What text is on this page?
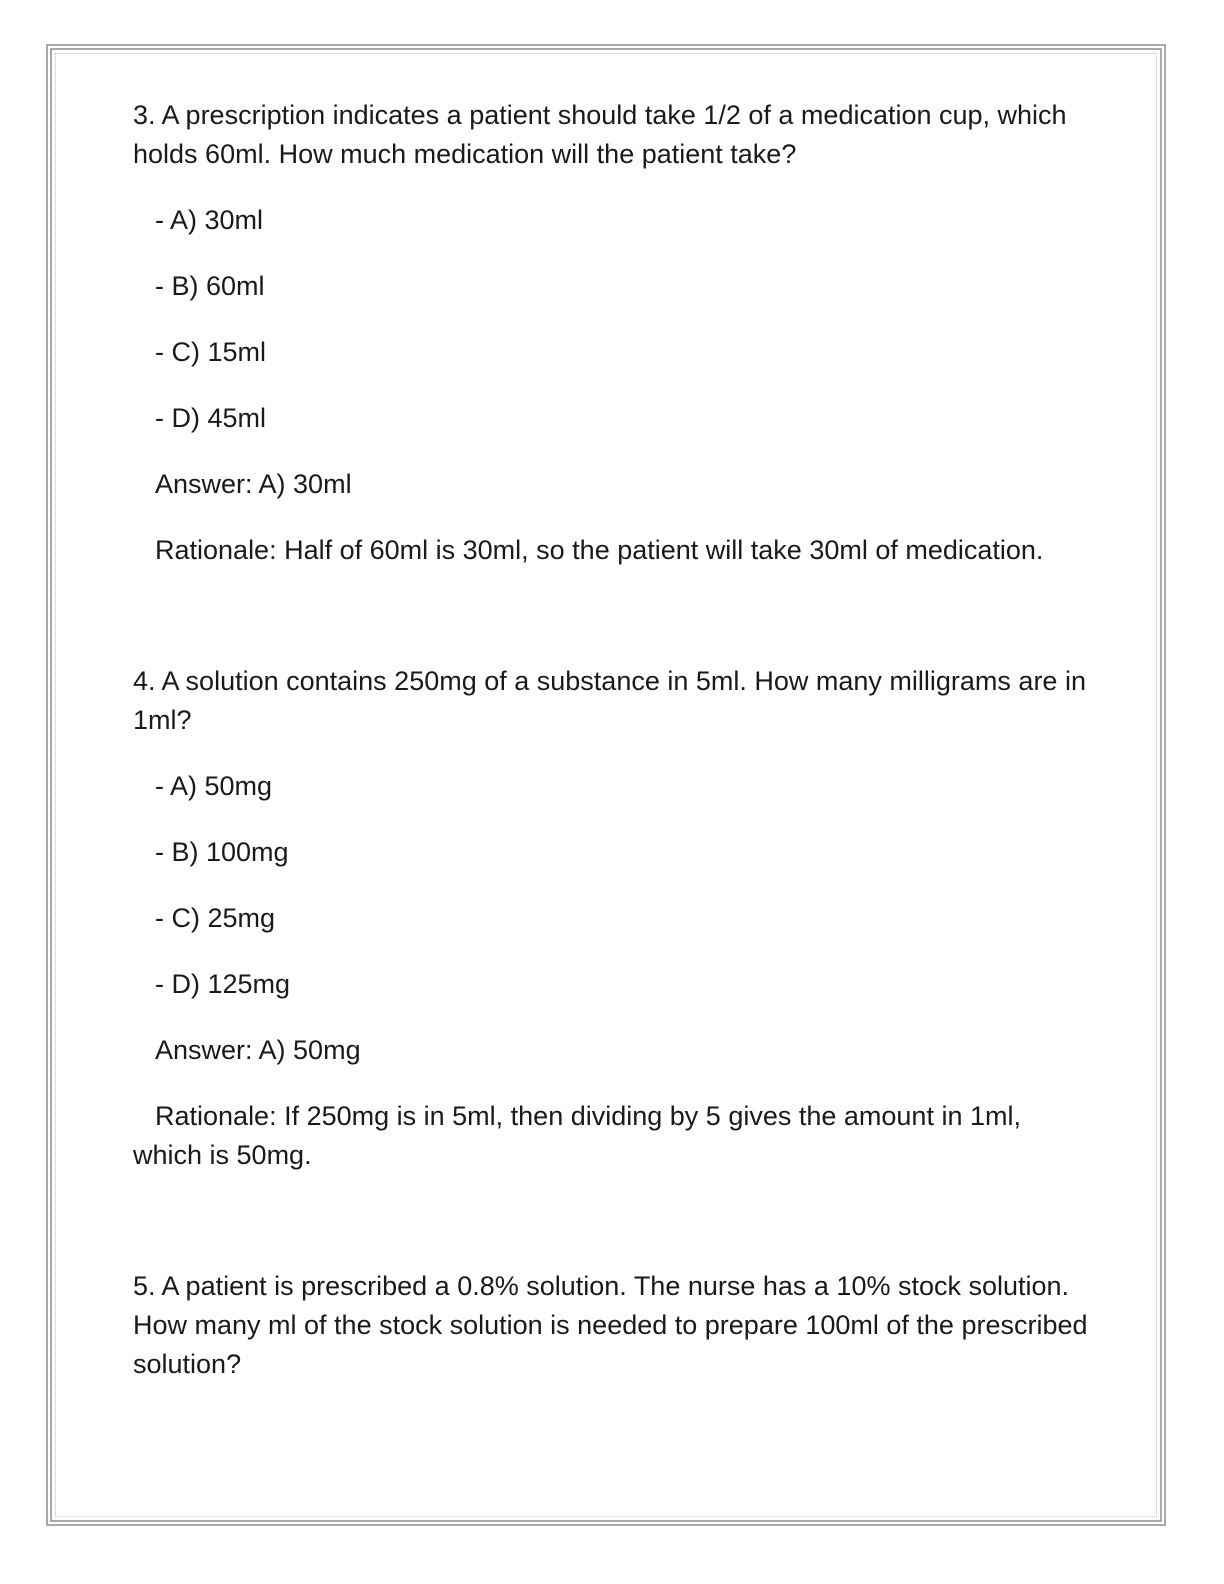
3. A prescription indicates a patient should take 1/2 of a medication cup, which holds 60ml. How much medication will the patient take?

- A) 30ml
- B) 60ml
- C) 15ml
- D) 45ml

Answer: A) 30ml

Rationale: Half of 60ml is 30ml, so the patient will take 30ml of medication.

4. A solution contains 250mg of a substance in 5ml. How many milligrams are in 1ml?

- A) 50mg
- B) 100mg
- C) 25mg
- D) 125mg

Answer: A) 50mg

Rationale: If 250mg is in 5ml, then dividing by 5 gives the amount in 1ml, which is 50mg.

5. A patient is prescribed a 0.8% solution. The nurse has a 10% stock solution. How many ml of the stock solution is needed to prepare 100ml of the prescribed solution?
